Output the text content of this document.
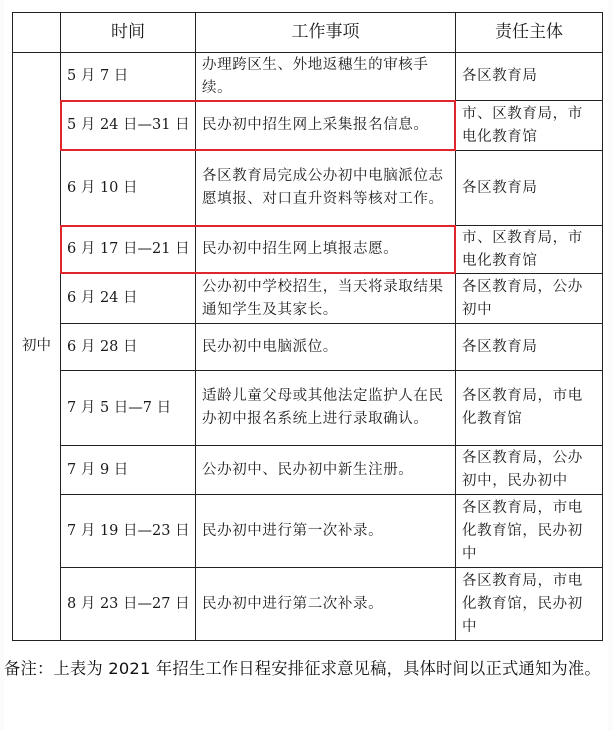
	时间	工作事项	责任主体
初中	5 月 7 日	办理跨区生、外地返穗生的审核手续。	各区教育局
	5 月 24 日—31 日	民办初中招生网上采集报名信息。	市、区教育局，市电化教育馆
	6 月 10 日	各区教育局完成公办初中电脑派位志愿填报、对口直升资料等核对工作。	各区教育局
	6 月 17 日—21 日	民办初中招生网上填报志愿。	市、区教育局，市电化教育馆
	6 月 24 日	公办初中学校招生，当天将录取结果通知学生及其家长。	各区教育局，公办初中
	6 月 28 日	民办初中电脑派位。	各区教育局
	7 月 5 日—7 日	适龄儿童父母或其他法定监护人在民办初中报名系统上进行录取确认。	各区教育局，市电化教育馆
	7 月 9 日	公办初中、民办初中新生注册。	各区教育局，公办初中，民办初中
	7 月 19 日—23 日	民办初中进行第一次补录。	各区教育局，市电化教育馆，民办初中
	8 月 23 日—27 日	民办初中进行第二次补录。	各区教育局，市电化教育馆，民办初中
备注：上表为 2021 年招生工作日程安排征求意见稿，具体时间以正式通知为准。
